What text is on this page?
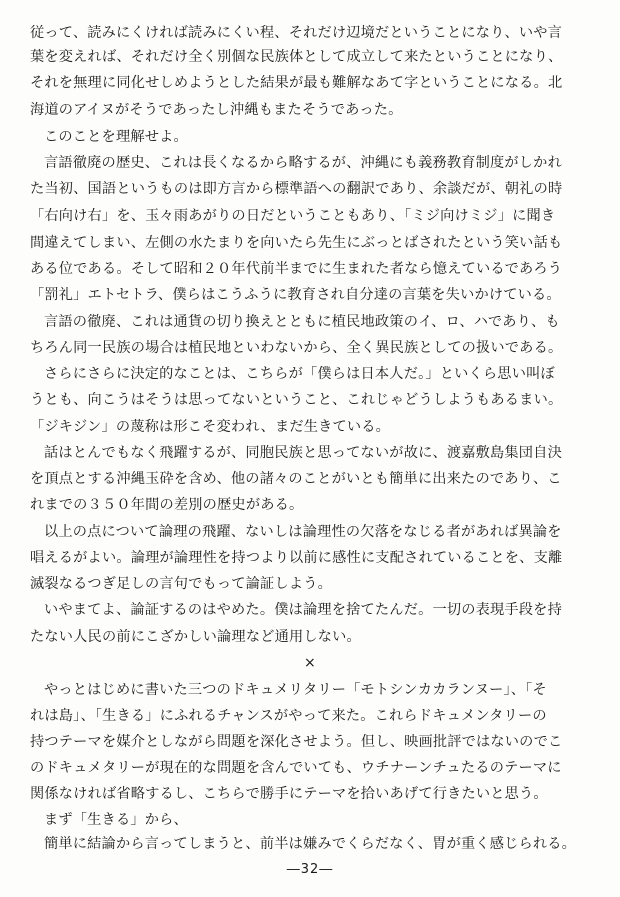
従って、読みにくければ読みにくい程、それだけ辺境だということになり、いや言
葉を変えれば、それだけ全く別個な民族体として成立して来たということになり、
それを無理に同化せしめようとした結果が最も難解なあて字ということになる。北
海道のアイヌがそうであったし沖縄もまたそうであった。
このことを理解せよ。
言語徹廃の歴史、これは長くなるから略するが、沖縄にも義務教育制度がしかれ
た当初、国語というものは即方言から標準語への翻訳であり、余談だが、朝礼の時
「右向け右」を、玉々雨あがりの日だということもあり、「ミジ向けミジ」に聞き
間違えてしまい、左側の水たまりを向いたら先生にぶっとばされたという笑い話も
ある位である。そして昭和２０年代前半までに生まれた者なら憶えているであろう
「罰礼」エトセトラ、僕らはこうふうに教育され自分達の言葉を失いかけている。
言語の徹廃、これは通貨の切り換えとともに植民地政策のイ、ロ、ハであり、も
ちろん同一民族の場合は植民地といわないから、全く異民族としての扱いである。
さらにさらに決定的なことは、こちらが「僕らは日本人だ。」といくら思い叫ぼ
うとも、向こうはそうは思ってないということ、これじゃどうしようもあるまい。
「ジキジン」の蔑称は形こそ変われ、まだ生きている。
話はとんでもなく飛躍するが、同胞民族と思ってないが故に、渡嘉敷島集団自決
を頂点とする沖縄玉砕を含め、他の諸々のことがいとも簡単に出来たのであり、こ
れまでの３５０年間の差別の歴史がある。
以上の点について論理の飛躍、ないしは論理性の欠落をなじる者があれば異論を
唱えるがよい。論理が論理性を持つより以前に感性に支配されていることを、支離
滅裂なるつぎ足しの言句でもって論証しよう。
いやまてよ、論証するのはやめた。僕は論理を捨てたんだ。一切の表現手段を持
たない人民の前にこざかしい論理など通用しない。
×
やっとはじめに書いた三つのドキュメリタリー「モトシンカカランヌー」、「そ
れは島」、「生きる」にふれるチャンスがやって来た。これらドキュメンタリーの
持つテーマを媒介としながら問題を深化させよう。但し、映画批評ではないのでこ
のドキュメタリーが現在的な問題を含んでいても、ウチナーンチュたるのテーマに
関係なければ省略するし、こちらで勝手にテーマを拾いあげて行きたいと思う。
まず「生きる」から、
簡単に結論から言ってしまうと、前半は嫌みでくらだなく、胃が重く感じられる。
―32―
